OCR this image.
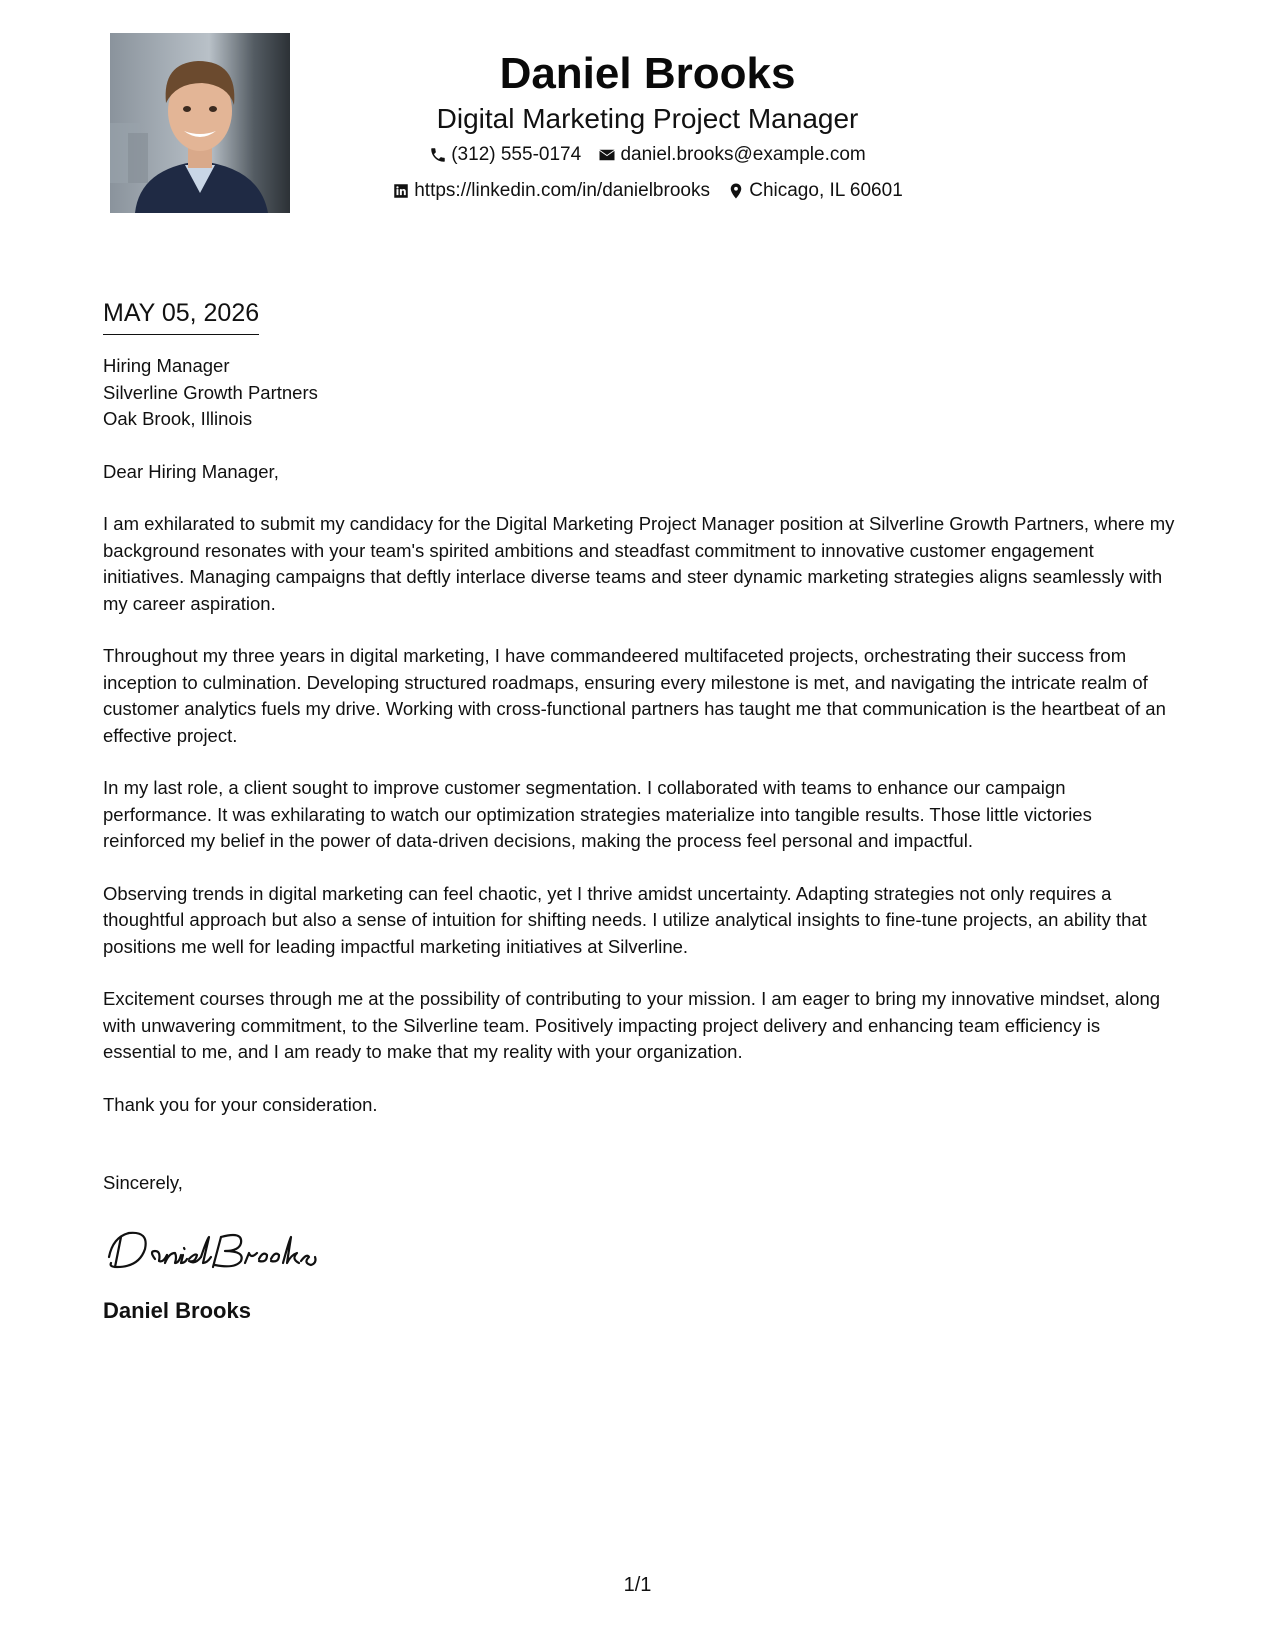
Daniel Brooks
Digital Marketing Project Manager
(312) 555-0174
daniel.brooks@example.com
https://linkedin.com/in/danielbrooks
Chicago, IL 60601
MAY 05, 2026
Hiring Manager
Silverline Growth Partners
Oak Brook, Illinois

Dear Hiring Manager,

I am exhilarated to submit my candidacy for the Digital Marketing Project Manager position at Silverline Growth Partners, where my background resonates with your team's spirited ambitions and steadfast commitment to innovative customer engagement initiatives. Managing campaigns that deftly interlace diverse teams and steer dynamic marketing strategies aligns seamlessly with my career aspiration.

Throughout my three years in digital marketing, I have commandeered multifaceted projects, orchestrating their success from inception to culmination. Developing structured roadmaps, ensuring every milestone is met, and navigating the intricate realm of customer analytics fuels my drive. Working with cross-functional partners has taught me that communication is the heartbeat of an effective project.

In my last role, a client sought to improve customer segmentation. I collaborated with teams to enhance our campaign performance. It was exhilarating to watch our optimization strategies materialize into tangible results. Those little victories reinforced my belief in the power of data-driven decisions, making the process feel personal and impactful.

Observing trends in digital marketing can feel chaotic, yet I thrive amidst uncertainty. Adapting strategies not only requires a thoughtful approach but also a sense of intuition for shifting needs. I utilize analytical insights to fine-tune projects, an ability that positions me well for leading impactful marketing initiatives at Silverline.

Excitement courses through me at the possibility of contributing to your mission. I am eager to bring my innovative mindset, along with unwavering commitment, to the Silverline team. Positively impacting project delivery and enhancing team efficiency is essential to me, and I am ready to make that my reality with your organization.

Thank you for your consideration.

Sincerely,

Daniel Brooks
1/1
